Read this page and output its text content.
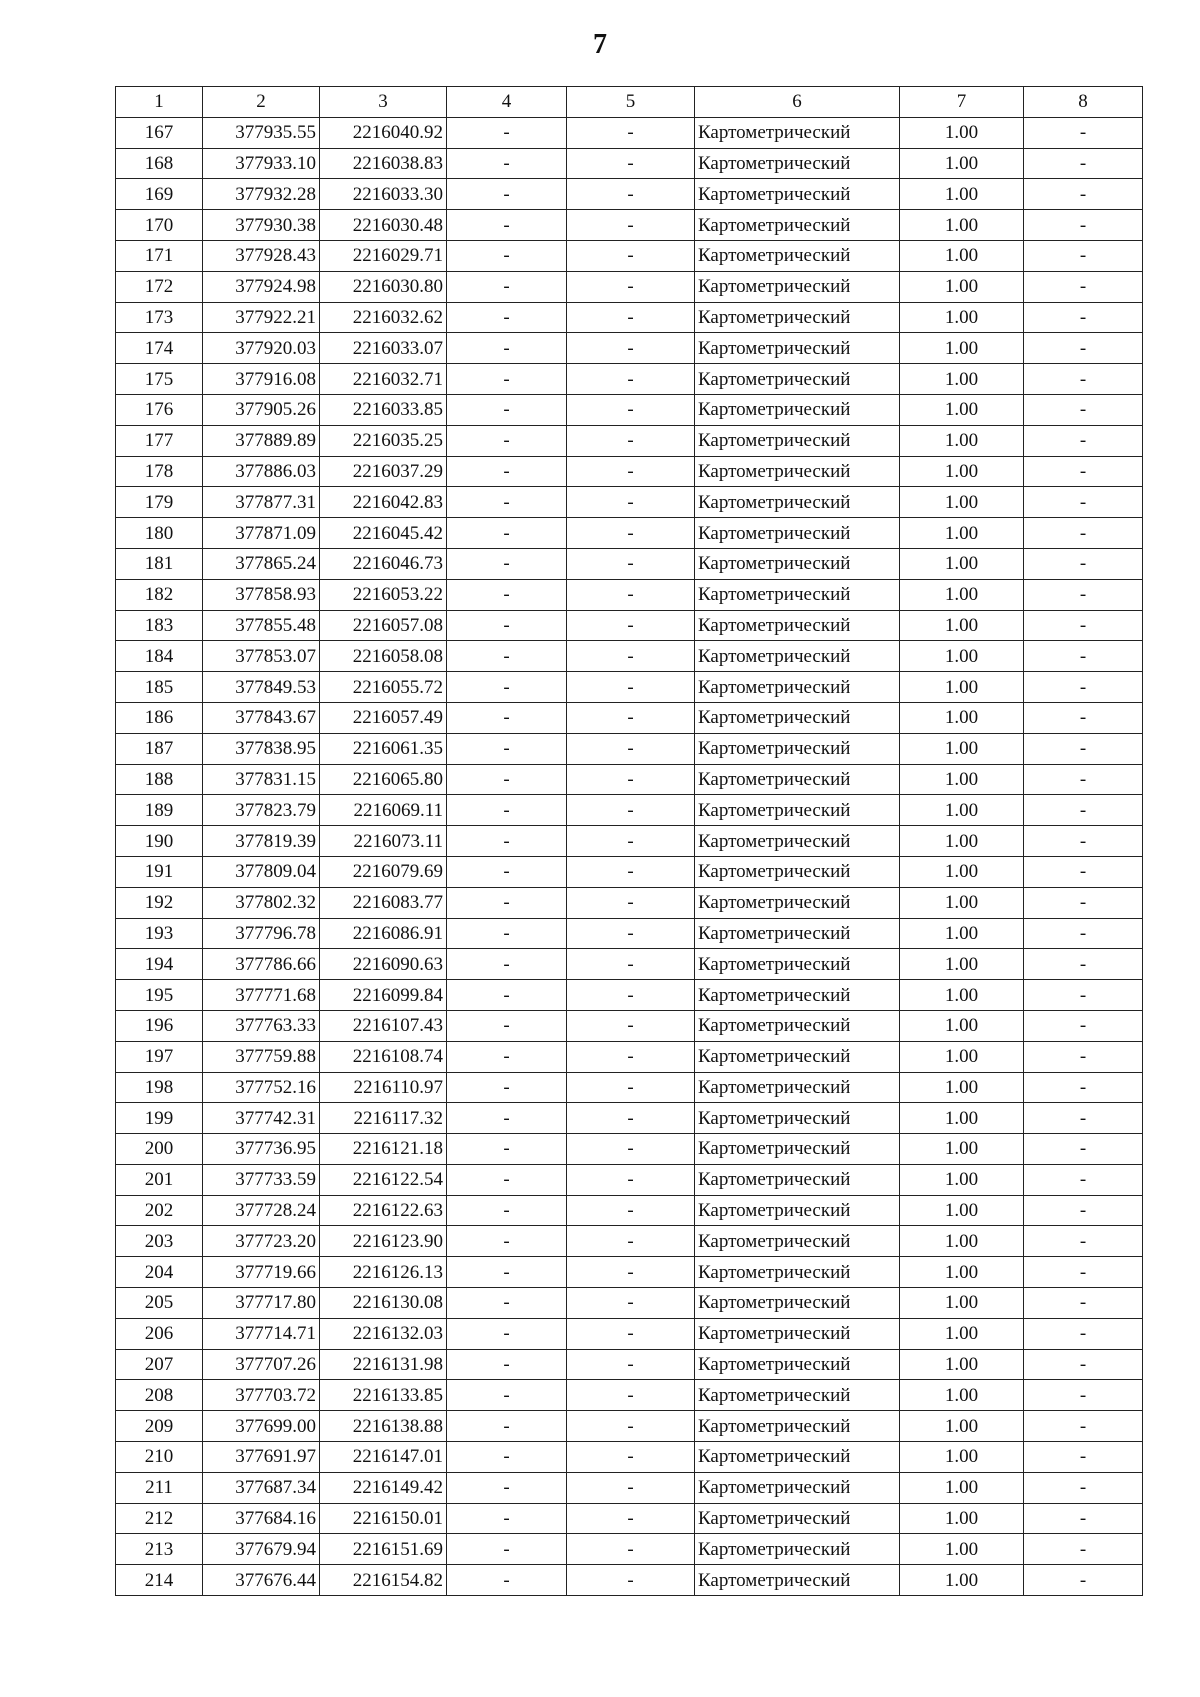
7
1	2	3	4	5	6	7	8
167	377935.55	2216040.92	-	-	Картометрический	1.00	-
168	377933.10	2216038.83	-	-	Картометрический	1.00	-
169	377932.28	2216033.30	-	-	Картометрический	1.00	-
170	377930.38	2216030.48	-	-	Картометрический	1.00	-
171	377928.43	2216029.71	-	-	Картометрический	1.00	-
172	377924.98	2216030.80	-	-	Картометрический	1.00	-
173	377922.21	2216032.62	-	-	Картометрический	1.00	-
174	377920.03	2216033.07	-	-	Картометрический	1.00	-
175	377916.08	2216032.71	-	-	Картометрический	1.00	-
176	377905.26	2216033.85	-	-	Картометрический	1.00	-
177	377889.89	2216035.25	-	-	Картометрический	1.00	-
178	377886.03	2216037.29	-	-	Картометрический	1.00	-
179	377877.31	2216042.83	-	-	Картометрический	1.00	-
180	377871.09	2216045.42	-	-	Картометрический	1.00	-
181	377865.24	2216046.73	-	-	Картометрический	1.00	-
182	377858.93	2216053.22	-	-	Картометрический	1.00	-
183	377855.48	2216057.08	-	-	Картометрический	1.00	-
184	377853.07	2216058.08	-	-	Картометрический	1.00	-
185	377849.53	2216055.72	-	-	Картометрический	1.00	-
186	377843.67	2216057.49	-	-	Картометрический	1.00	-
187	377838.95	2216061.35	-	-	Картометрический	1.00	-
188	377831.15	2216065.80	-	-	Картометрический	1.00	-
189	377823.79	2216069.11	-	-	Картометрический	1.00	-
190	377819.39	2216073.11	-	-	Картометрический	1.00	-
191	377809.04	2216079.69	-	-	Картометрический	1.00	-
192	377802.32	2216083.77	-	-	Картометрический	1.00	-
193	377796.78	2216086.91	-	-	Картометрический	1.00	-
194	377786.66	2216090.63	-	-	Картометрический	1.00	-
195	377771.68	2216099.84	-	-	Картометрический	1.00	-
196	377763.33	2216107.43	-	-	Картометрический	1.00	-
197	377759.88	2216108.74	-	-	Картометрический	1.00	-
198	377752.16	2216110.97	-	-	Картометрический	1.00	-
199	377742.31	2216117.32	-	-	Картометрический	1.00	-
200	377736.95	2216121.18	-	-	Картометрический	1.00	-
201	377733.59	2216122.54	-	-	Картометрический	1.00	-
202	377728.24	2216122.63	-	-	Картометрический	1.00	-
203	377723.20	2216123.90	-	-	Картометрический	1.00	-
204	377719.66	2216126.13	-	-	Картометрический	1.00	-
205	377717.80	2216130.08	-	-	Картометрический	1.00	-
206	377714.71	2216132.03	-	-	Картометрический	1.00	-
207	377707.26	2216131.98	-	-	Картометрический	1.00	-
208	377703.72	2216133.85	-	-	Картометрический	1.00	-
209	377699.00	2216138.88	-	-	Картометрический	1.00	-
210	377691.97	2216147.01	-	-	Картометрический	1.00	-
211	377687.34	2216149.42	-	-	Картометрический	1.00	-
212	377684.16	2216150.01	-	-	Картометрический	1.00	-
213	377679.94	2216151.69	-	-	Картометрический	1.00	-
214	377676.44	2216154.82	-	-	Картометрический	1.00	-
